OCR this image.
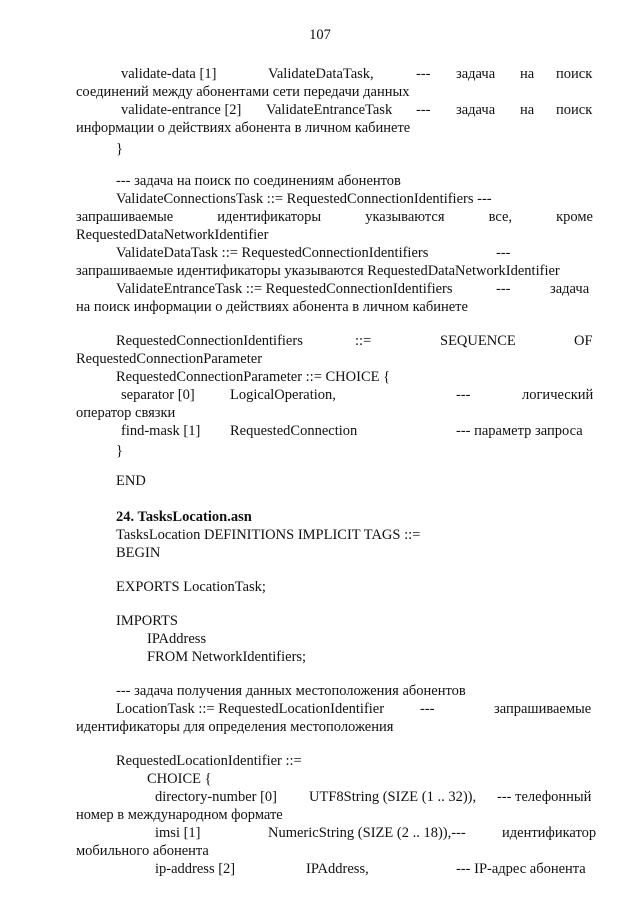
107
validate-data [1]	ValidateDataTask,	--- задача на поиск
соединений между абонентами сети передачи данных
validate-entrance [2] ValidateEntranceTask --- задача на поиск
информации о действиях абонента в личном кабинете
}
--- задача на поиск по соединениям абонентов
ValidateConnectionsTask ::= RequestedConnectionIdentifiers ---
запрашиваемые	идентификаторы	указываются	все,	кроме
RequestedDataNetworkIdentifier
ValidateDataTask ::= RequestedConnectionIdentifiers	---
запрашиваемые идентификаторы указываются RequestedDataNetworkIdentifier
ValidateEntranceTask ::= RequestedConnectionIdentifiers	---	задача
на поиск информации о действиях абонента в личном кабинете
RequestedConnectionIdentifiers	::=	SEQUENCE	OF
RequestedConnectionParameter
RequestedConnectionParameter ::= CHOICE {
separator [0] LogicalOperation,	---	логический
оператор связки
find-mask [1] RequestedConnection	--- параметр запроса
}
END
24. TasksLocation.asn
TasksLocation DEFINITIONS IMPLICIT TAGS ::=
BEGIN
EXPORTS LocationTask;
IMPORTS
IPAddress
FROM NetworkIdentifiers;
--- задача получения данных местоположения абонентов
LocationTask ::= RequestedLocationIdentifier ---	запрашиваемые
идентификаторы для определения местоположения
RequestedLocationIdentifier ::=
CHOICE {
directory-number [0] UTF8String (SIZE (1 .. 32)), --- телефонный
номер в международном формате
imsi [1]	NumericString (SIZE (2 .. 18)),---	идентификатор
мобильного абонента
ip-address [2]	IPAddress,	--- IP-адрес абонента
